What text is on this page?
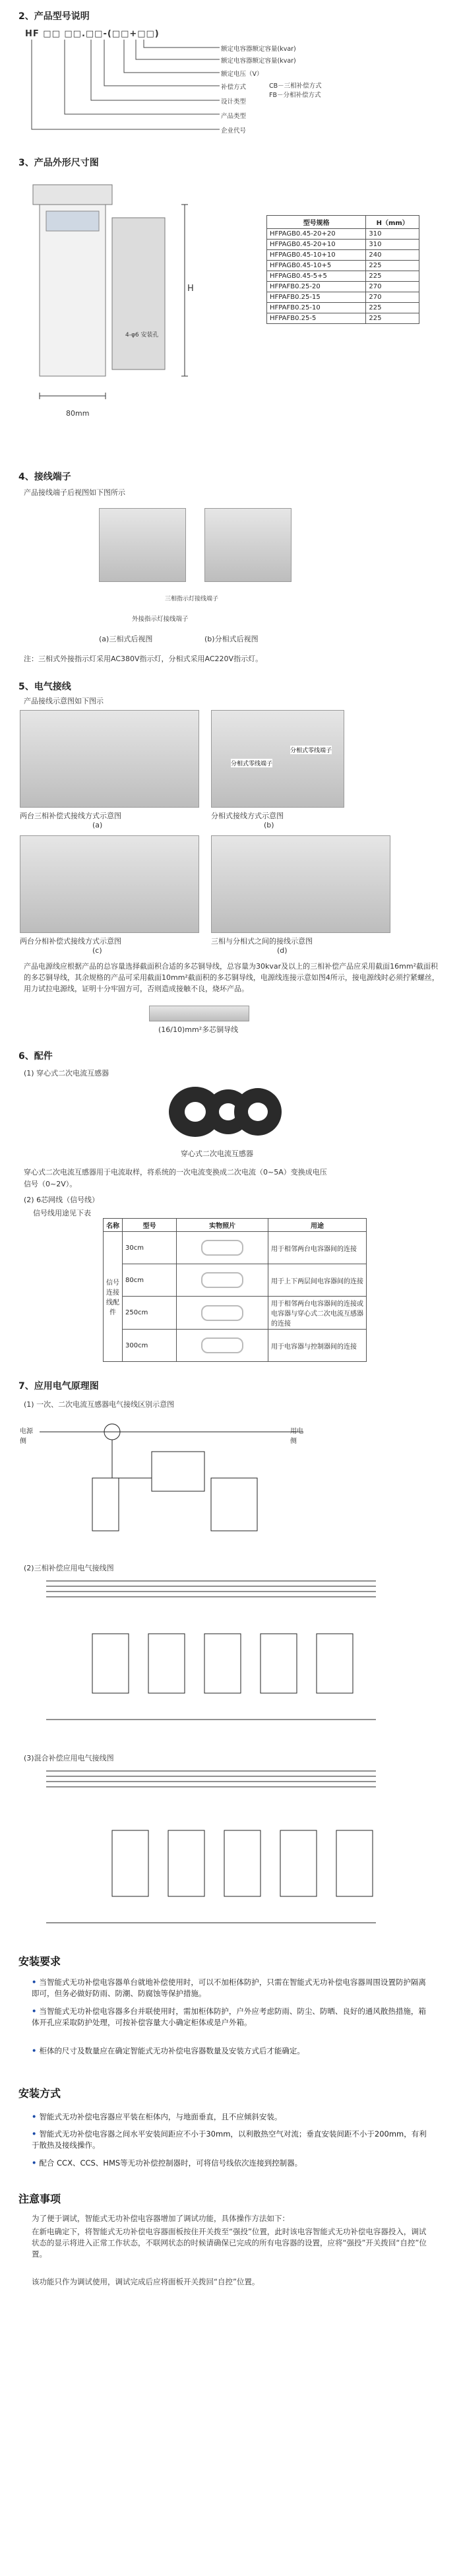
2、产品型号说明
HF □□ □□.□□-(□□+□□)
额定电容器额定容量(kvar)
额定电容器额定容量(kvar)
额定电压（V）
补偿方式	CB－三相补偿方式
FB－分相补偿方式
设计类型
产品类型
企业代号
3、产品外形尺寸图
H
80mm
4-φ6 安装孔
型号规格	H（mm）
HFPAGB0.45-20+20	310
HFPAGB0.45-20+10	310
HFPAGB0.45-10+10	240
HFPAGB0.45-10+5	225
HFPAGB0.45-5+5	225
HFPAFB0.25-20	270
HFPAFB0.25-15	270
HFPAFB0.25-10	225
HFPAFB0.25-5	225
4、接线端子
产品接线端子后视图如下图所示
外接指示灯接线端子
三相指示灯接线端子
(a)三相式后视图	(b)分相式后视图
注：三相式外接指示灯采用AC380V指示灯，分相式采用AC220V指示灯。
5、电气接线
产品接线示意图如下图示
分相式零线端子
分相式零线端子
两台三相补偿式接线方式示意图
(a)
分相式接线方式示意图
(b)
两台分相补偿式接线方式示意图
(c)
三相与分相式之间的接线示意图
(d)
产品电源线应根据产品的总容量选择截面积合适的多芯铜导线，总容量为30kvar及以上的三相补偿产品应采用截面16mm²截面积的多芯铜导线，其余规格的产品可采用截面10mm²截面积的多芯铜导线，电源线连接示意如图4所示，接电源线时必须拧紧螺丝，用力试拉电源线，证明十分牢固方可，否则造成接触不良，烧坏产品。
(16/10)mm²多芯铜导线
6、配件
(1) 穿心式二次电流互感器
穿心式二次电流互感器
穿心式二次电流互感器用于电流取样，将系统的一次电流变换成二次电流（0~5A）变换成电压
信号（0~2V）。
(2) 6芯网线（信号线）
信号线用途见下表
名称	型号	实物照片	用途
信号连接线配件	30cm		用于相邻两台电容器间的连接
	80cm		用于上下两层间电容器间的连接
	250cm		用于相邻两台电容器间的连接或电容器与穿心式二次电流互感器的连接
	300cm		用于电容器与控制器间的连接
7、应用电气原理图
(1) 一次、二次电流互感器电气接线区别示意图
电源侧
用电侧
(2)三相补偿应用电气接线图
(3)混合补偿应用电气接线图
安装要求
• 当智能式无功补偿电容器单台就地补偿使用时，可以不加柜体防护，只需在智能式无功补偿电容器周围设置防护隔离即可，但务必做好防雨、防潮、防腐蚀等保护措施。
• 当智能式无功补偿电容器多台并联使用时，需加柜体防护，户外应考虑防雨、防尘、防晒、良好的通风散热措施，箱体开孔应采取防护处理，可按补偿容量大小确定柜体或是户外箱。
• 柜体的尺寸及数量应在确定智能式无功补偿电容器数量及安装方式后才能确定。
安装方式
• 智能式无功补偿电容器应平装在柜体内，与地面垂直，且不应倾斜安装。
• 智能式无功补偿电容器之间水平安装间距应不小于30mm，以利散热空气对流；垂直安装间距不小于200mm，有利于散热及接线操作。
• 配合 CCX、CCS、HMS等无功补偿控制器时，可将信号线依次连接到控制器。
注意事项
为了便于调试，智能式无功补偿电容器增加了调试功能，具体操作方法如下：
在新电确定下，将智能式无功补偿电容器面板按住开关拨至“强投”位置，此时该电容智能式无功补偿电容器投入，调试状态的显示将进入正常工作状态，不联网状态的时候请确保已完成的所有电容器的设置，应将“强投”开关拨回“自控”位置。
该功能只作为调试使用，调试完成后应将面板开关拨回“自控”位置。
